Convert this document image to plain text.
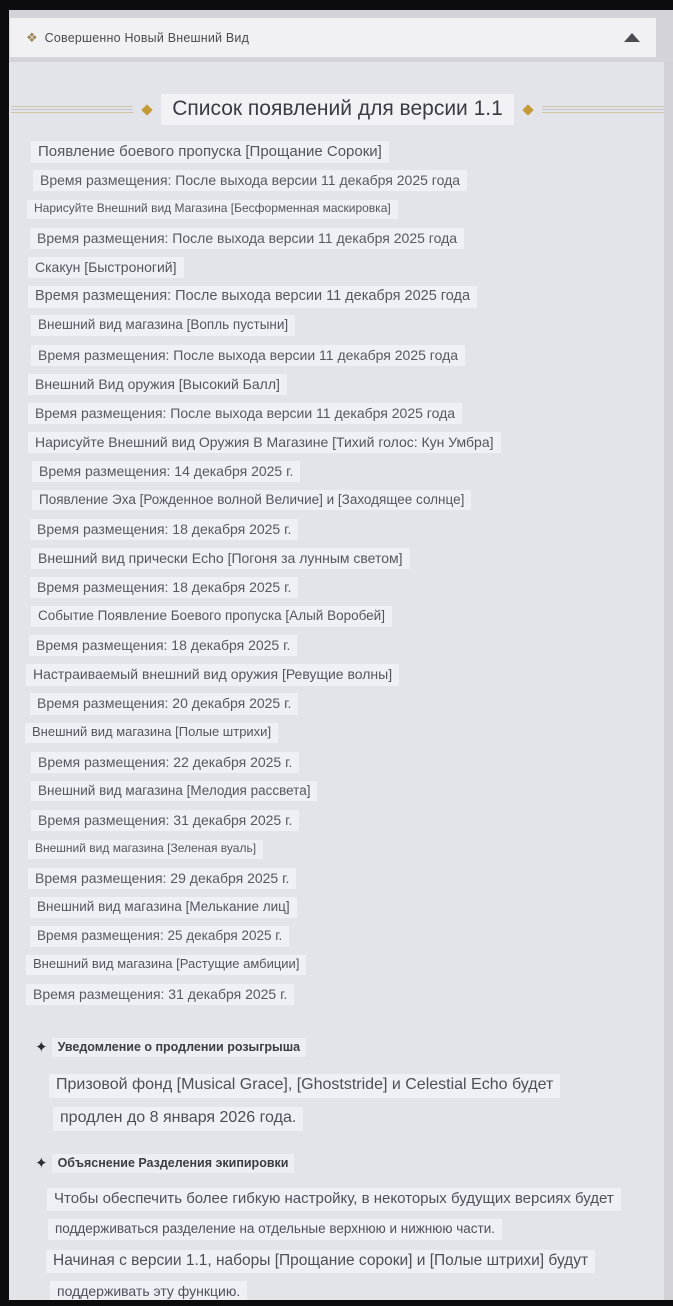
❖ Совершенно Новый Внешний Вид
Список появлений для версии 1.1
Появление боевого пропуска [Прощание Сороки]
Время размещения: После выхода версии 11 декабря 2025 года
Нарисуйте Внешний вид Магазина [Бесформенная маскировка]
Время размещения: После выхода версии 11 декабря 2025 года
Скакун [Быстроногий]
Время размещения: После выхода версии 11 декабря 2025 года
Внешний вид магазина [Вопль пустыни]
Время размещения: После выхода версии 11 декабря 2025 года
Внешний Вид оружия [Высокий Балл]
Время размещения: После выхода версии 11 декабря 2025 года
Нарисуйте Внешний вид Оружия В Магазине [Тихий голос: Кун Умбра]
Время размещения: 14 декабря 2025 г.
Появление Эха [Рожденное волной Величие] и [Заходящее солнце]
Время размещения: 18 декабря 2025 г.
Внешний вид прически Echo [Погоня за лунным светом]
Время размещения: 18 декабря 2025 г.
Событие Появление Боевого пропуска [Алый Воробей]
Время размещения: 18 декабря 2025 г.
Настраиваемый внешний вид оружия [Ревущие волны]
Время размещения: 20 декабря 2025 г.
Внешний вид магазина [Полые штрихи]
Время размещения: 22 декабря 2025 г.
Внешний вид магазина [Мелодия рассвета]
Время размещения: 31 декабря 2025 г.
Внешний вид магазина [Зеленая вуаль]
Время размещения: 29 декабря 2025 г.
Внешний вид магазина [Мелькание лиц]
Время размещения: 25 декабря 2025 г.
Внешний вид магазина [Растущие амбиции]
Время размещения: 31 декабря 2025 г.
✦ Уведомление о продлении розыгрыша
Призовой фонд [Musical Grace], [Ghoststride] и Celestial Echo будет
продлен до 8 января 2026 года.
✦ Объяснение Разделения экипировки
Чтобы обеспечить более гибкую настройку, в некоторых будущих версиях будет
поддерживаться разделение на отдельные верхнюю и нижнюю части.
Начиная с версии 1.1, наборы [Прощание сороки] и [Полые штрихи] будут
поддерживать эту функцию.
